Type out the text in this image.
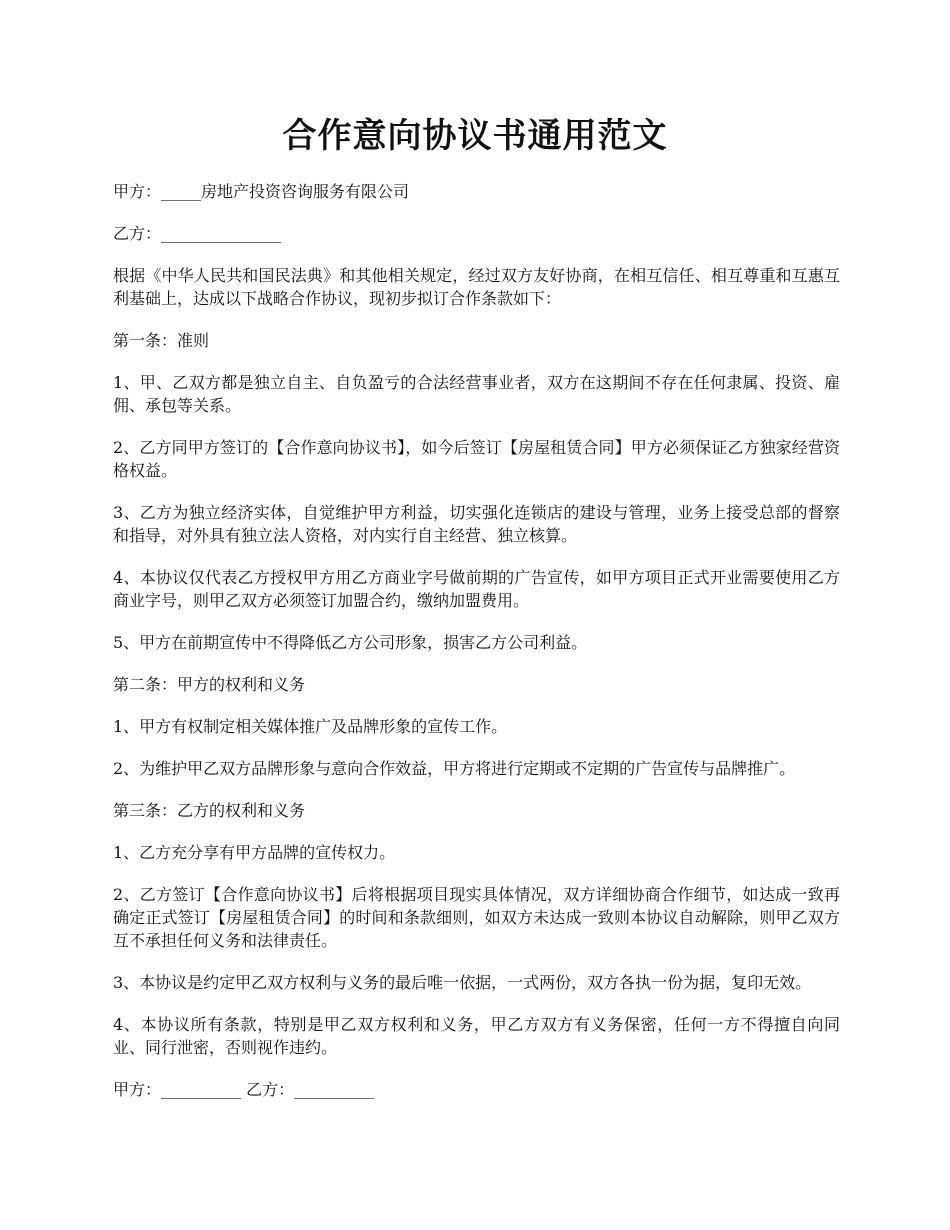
合作意向协议书通用范文

甲方：_____房地产投资咨询服务有限公司

乙方：_______________

根据《中华人民共和国民法典》和其他相关规定，经过双方友好协商，在相互信任、相互尊重和互惠互利基础上，达成以下战略合作协议，现初步拟订合作条款如下：

第一条：准则

1、甲、乙双方都是独立自主、自负盈亏的合法经营事业者，双方在这期间不存在任何隶属、投资、雇佣、承包等关系。

2、乙方同甲方签订的【合作意向协议书】，如今后签订【房屋租赁合同】甲方必须保证乙方独家经营资格权益。

3、乙方为独立经济实体，自觉维护甲方利益，切实强化连锁店的建设与管理，业务上接受总部的督察和指导，对外具有独立法人资格，对内实行自主经营、独立核算。

4、本协议仅代表乙方授权甲方用乙方商业字号做前期的广告宣传，如甲方项目正式开业需要使用乙方商业字号，则甲乙双方必须签订加盟合约，缴纳加盟费用。

5、甲方在前期宣传中不得降低乙方公司形象，损害乙方公司利益。

第二条：甲方的权利和义务

1、甲方有权制定相关媒体推广及品牌形象的宣传工作。

2、为维护甲乙双方品牌形象与意向合作效益，甲方将进行定期或不定期的广告宣传与品牌推广。

第三条：乙方的权利和义务

1、乙方充分享有甲方品牌的宣传权力。

2、乙方签订【合作意向协议书】后将根据项目现实具体情况，双方详细协商合作细节，如达成一致再确定正式签订【房屋租赁合同】的时间和条款细则，如双方未达成一致则本协议自动解除，则甲乙双方互不承担任何义务和法律责任。

3、本协议是约定甲乙双方权利与义务的最后唯一依据，一式两份，双方各执一份为据，复印无效。

4、本协议所有条款，特别是甲乙双方权利和义务，甲乙方双方有义务保密，任何一方不得擅自向同业、同行泄密，否则视作违约。

甲方：__________ 乙方：__________
